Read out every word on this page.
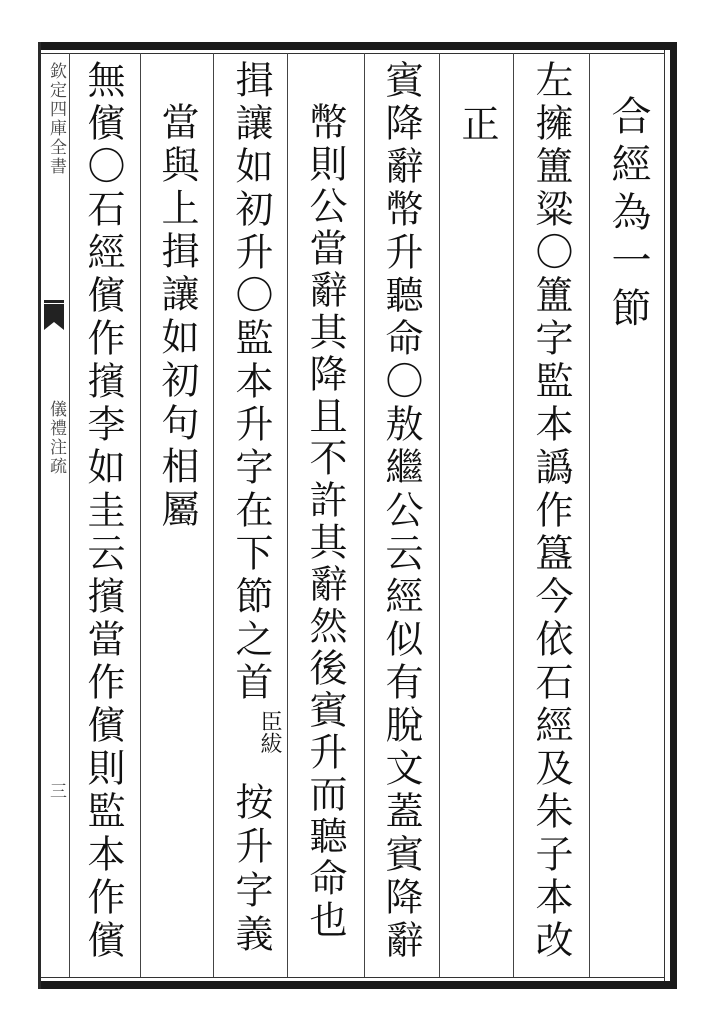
欽定四庫全書
儀禮注疏
三
合經為一節
左擁簠粱〇簠字監本譌作簋今依石經及朱子本改
正
賓降辭幣升聽命〇敖繼公云經似有脫文蓋賓降辭
幣則公當辭其降且不許其辭然後賓升而聽命也
揖讓如初升〇監本升字在下節之首
臣紱
按升字義
當與上揖讓如初句相屬
無儐〇石經儐作擯李如圭云擯當作儐則監本作儐
